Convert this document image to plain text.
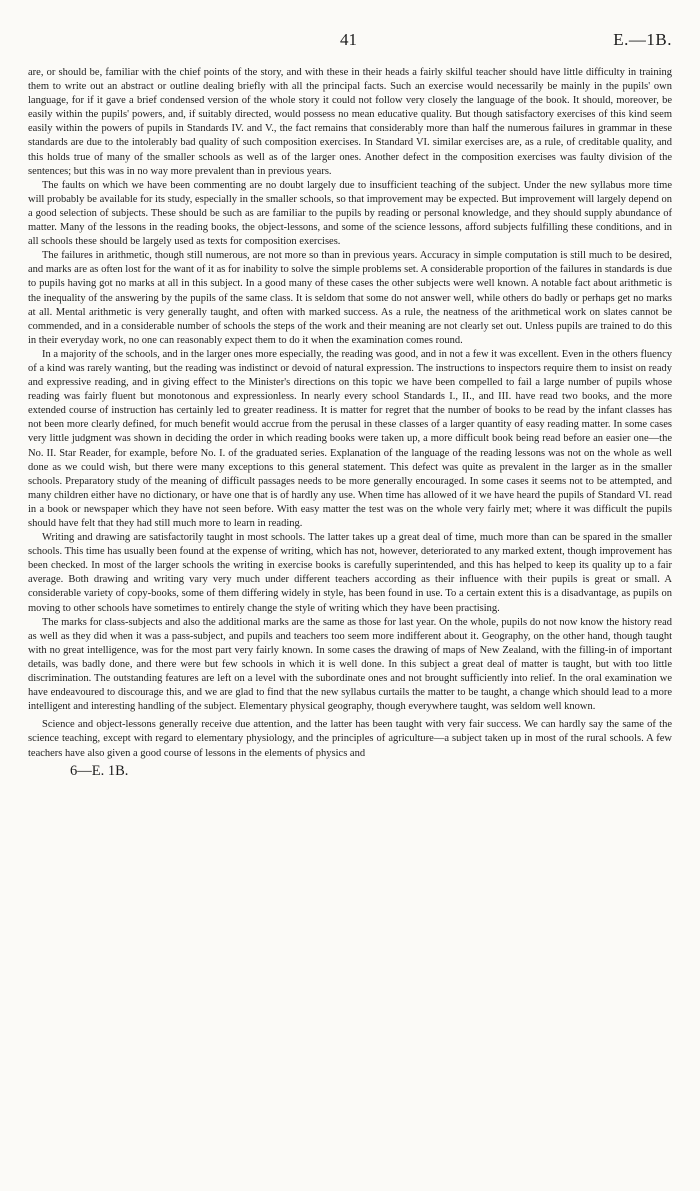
41	E.—1B.

are, or should be, familiar with the chief points of the story, and with these in their heads a fairly skilful teacher should have little difficulty in training them to write out an abstract or outline dealing briefly with all the principal facts. Such an exercise would necessarily be mainly in the pupils' own language, for if it gave a brief condensed version of the whole story it could not follow very closely the language of the book. It should, moreover, be easily within the pupils' powers, and, if suitably directed, would possess no mean educative quality. But though satisfactory exercises of this kind seem easily within the powers of pupils in Standards IV. and V., the fact remains that considerably more than half the numerous failures in grammar in these standards are due to the intolerably bad quality of such composition exercises. In Standard VI. similar exercises are, as a rule, of creditable quality, and this holds true of many of the smaller schools as well as of the larger ones. Another defect in the composition exercises was faulty division of the sentences; but this was in no way more prevalent than in previous years.

The faults on which we have been commenting are no doubt largely due to insufficient teaching of the subject. Under the new syllabus more time will probably be available for its study, especially in the smaller schools, so that improvement may be expected. But improvement will largely depend on a good selection of subjects. These should be such as are familiar to the pupils by reading or personal knowledge, and they should supply abundance of matter. Many of the lessons in the reading books, the object-lessons, and some of the science lessons, afford subjects fulfilling these conditions, and in all schools these should be largely used as texts for composition exercises.

The failures in arithmetic, though still numerous, are not more so than in previous years. Accuracy in simple computation is still much to be desired, and marks are as often lost for the want of it as for inability to solve the simple problems set. A considerable proportion of the failures in standards is due to pupils having got no marks at all in this subject. In a good many of these cases the other subjects were well known. A notable fact about arithmetic is the inequality of the answering by the pupils of the same class. It is seldom that some do not answer well, while others do badly or perhaps get no marks at all. Mental arithmetic is very generally taught, and often with marked success. As a rule, the neatness of the arithmetical work on slates cannot be commended, and in a considerable number of schools the steps of the work and their meaning are not clearly set out. Unless pupils are trained to do this in their everyday work, no one can reasonably expect them to do it when the examination comes round.

In a majority of the schools, and in the larger ones more especially, the reading was good, and in not a few it was excellent. Even in the others fluency of a kind was rarely wanting, but the reading was indistinct or devoid of natural expression. The instructions to inspectors require them to insist on ready and expressive reading, and in giving effect to the Minister's directions on this topic we have been compelled to fail a large number of pupils whose reading was fairly fluent but monotonous and expressionless. In nearly every school Standards I., II., and III. have read two books, and the more extended course of instruction has certainly led to greater readiness. It is matter for regret that the number of books to be read by the infant classes has not been more clearly defined, for much benefit would accrue from the perusal in these classes of a larger quantity of easy reading matter. In some cases very little judgment was shown in deciding the order in which reading books were taken up, a more difficult book being read before an easier one—the No. II. Star Reader, for example, before No. I. of the graduated series. Explanation of the language of the reading lessons was not on the whole as well done as we could wish, but there were many exceptions to this general statement. This defect was quite as prevalent in the larger as in the smaller schools. Preparatory study of the meaning of difficult passages needs to be more generally encouraged. In some cases it seems not to be attempted, and many children either have no dictionary, or have one that is of hardly any use. When time has allowed of it we have heard the pupils of Standard VI. read in a book or newspaper which they have not seen before. With easy matter the test was on the whole very fairly met; where it was difficult the pupils should have felt that they had still much more to learn in reading.

Writing and drawing are satisfactorily taught in most schools. The latter takes up a great deal of time, much more than can be spared in the smaller schools. This time has usually been found at the expense of writing, which has not, however, deteriorated to any marked extent, though improvement has been checked. In most of the larger schools the writing in exercise books is carefully superintended, and this has helped to keep its quality up to a fair average. Both drawing and writing vary very much under different teachers according as their influence with their pupils is great or small. A considerable variety of copy-books, some of them differing widely in style, has been found in use. To a certain extent this is a disadvantage, as pupils on moving to other schools have sometimes to entirely change the style of writing which they have been practising.

The marks for class-subjects and also the additional marks are the same as those for last year. On the whole, pupils do not now know the history read as well as they did when it was a pass-subject, and pupils and teachers too seem more indifferent about it. Geography, on the other hand, though taught with no great intelligence, was for the most part very fairly known. In some cases the drawing of maps of New Zealand, with the filling-in of important details, was badly done, and there were but few schools in which it is well done. In this subject a great deal of matter is taught, but with too little discrimination. The outstanding features are left on a level with the subordinate ones and not brought sufficiently into relief. In the oral examination we have endeavoured to discourage this, and we are glad to find that the new syllabus curtails the matter to be taught, a change which should lead to a more intelligent and interesting handling of the subject. Elementary physical geography, though everywhere taught, was seldom well known.

Science and object-lessons generally receive due attention, and the latter has been taught with very fair success. We can hardly say the same of the science teaching, except with regard to elementary physiology, and the principles of agriculture—a subject taken up in most of the rural schools. A few teachers have also given a good course of lessons in the elements of physics and

6—E. 1B.
